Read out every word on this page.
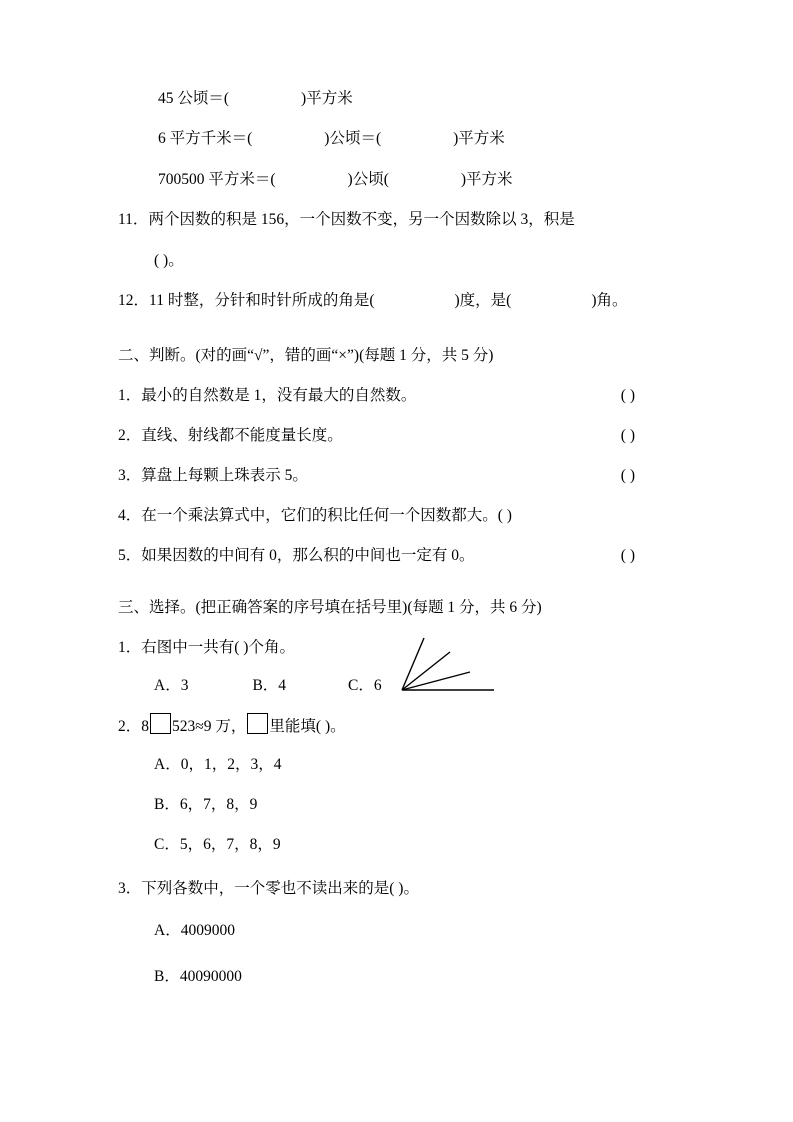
45 公顷＝(	)平方米
6 平方千米＝(	)公顷＝(	)平方米
700500 平方米＝(	)公顷(	)平方米
11．两个因数的积是 156，一个因数不变，另一个因数除以 3，积是
( )。
12．11 时整，分针和时针所成的角是(	)度，是(	)角。
二、判断。(对的画“√”，错的画“×”)(每题 1 分，共 5 分)
1． 最小的自然数是 1，没有最大的自然数。	( )
2． 直线、射线都不能度量长度。	( )
3． 算盘上每颗上珠表示 5。	( )
4． 在一个乘法算式中，它们的积比任何一个因数都大。( )
5． 如果因数的中间有 0，那么积的中间也一定有 0。	( )
三、选择。(把正确答案的序号填在括号里)(每题 1 分，共 6 分)
1．右图中一共有( )个角。
A．3	B．4	C．6
2．8 523≈9 万， 里能填( )。
A．0，1，2，3，4
B．6，7，8，9
C．5，6，7，8，9
3．下列各数中，一个零也不读出来的是( )。
A．4009000
B．40090000
